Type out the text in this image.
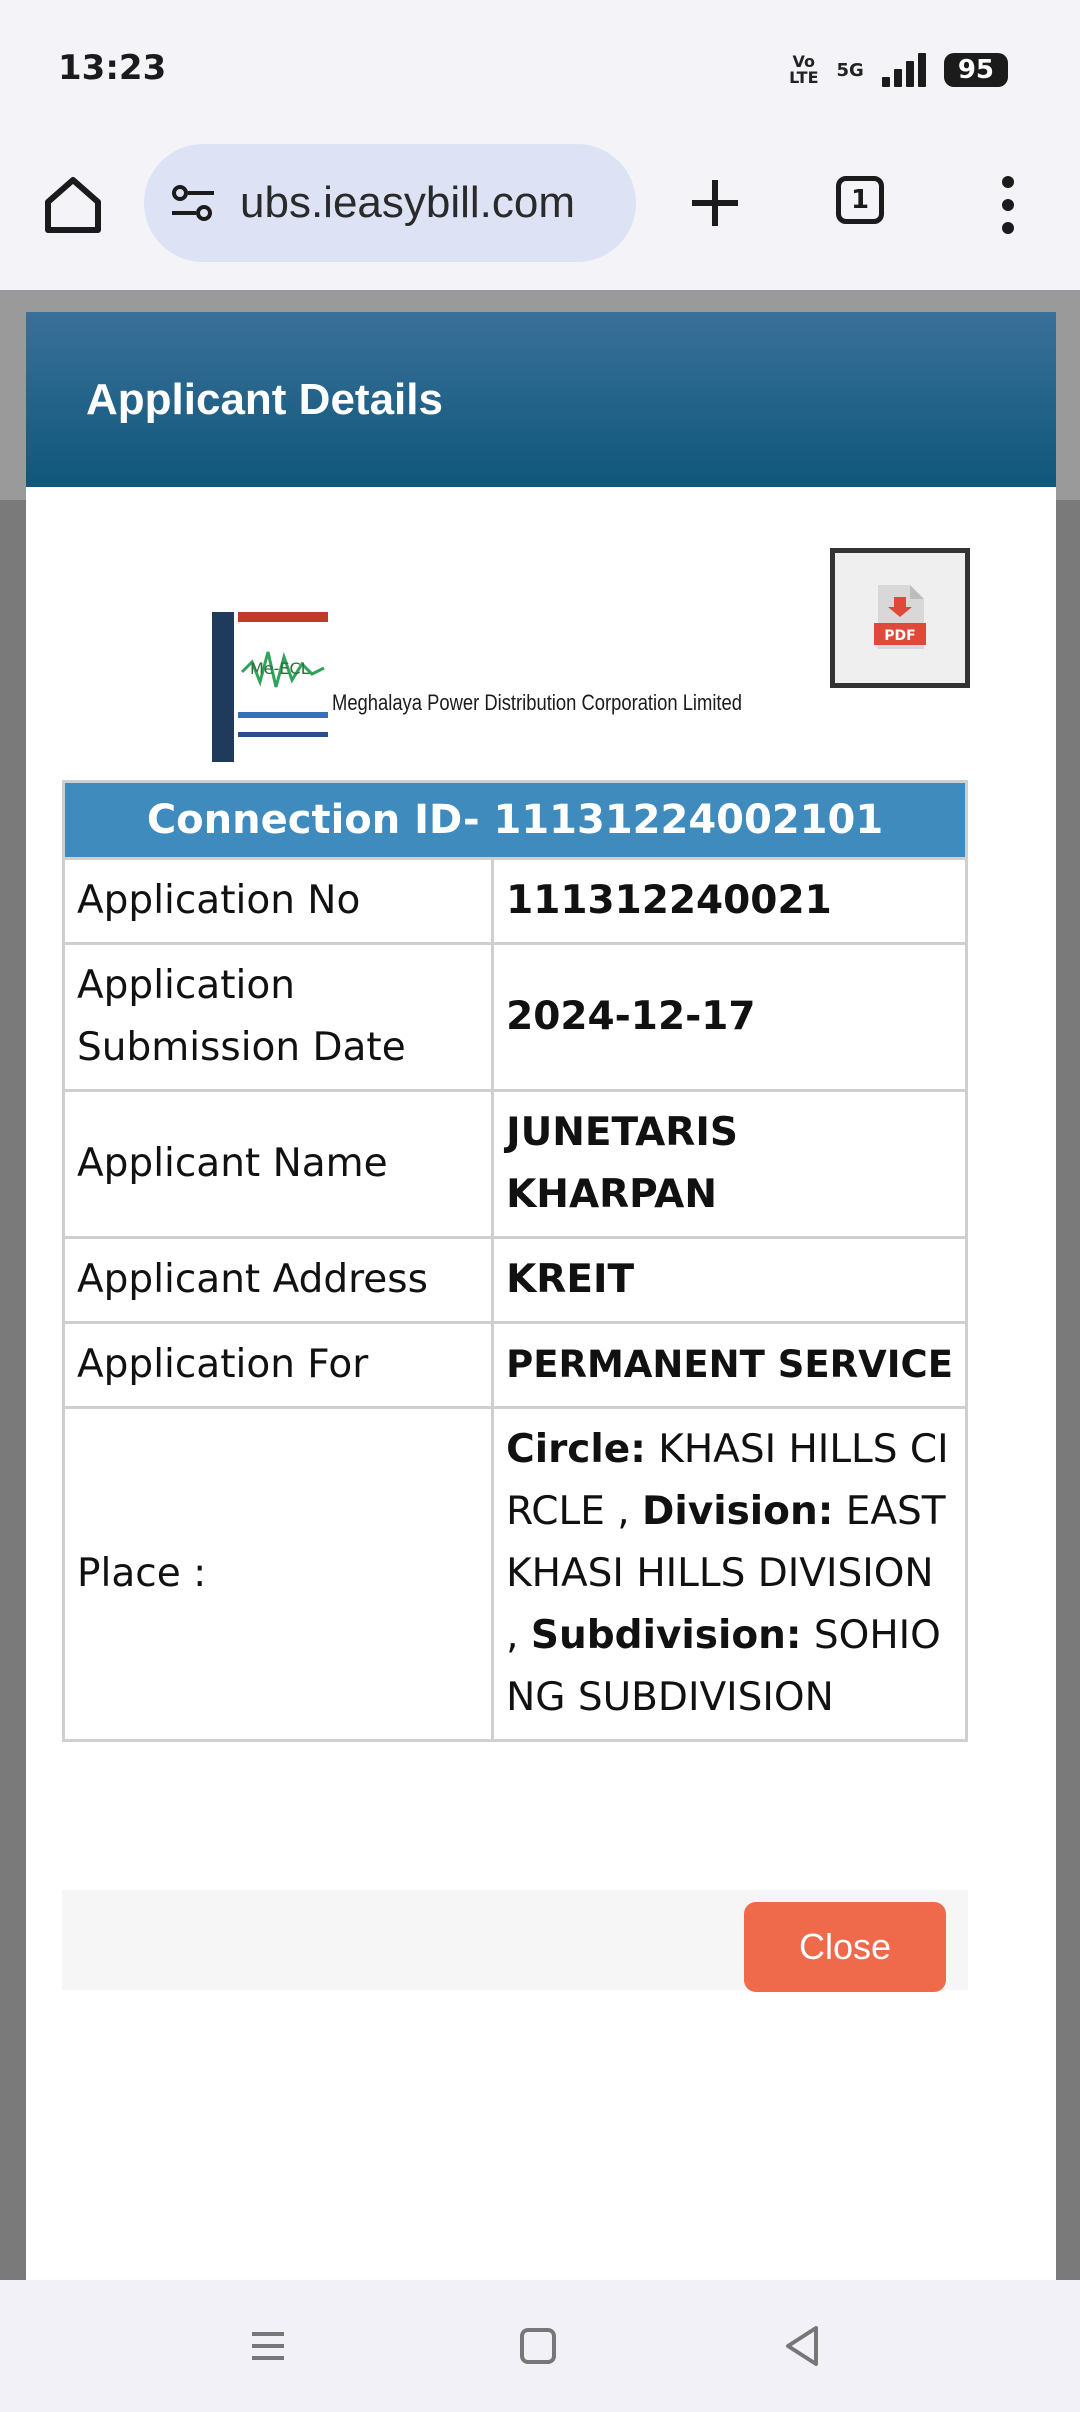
13:23	Vo
LTE 5G	95
ubs.ieasybill.com	1
Applicant Details
Me-ECL
Meghalaya Power Distribution Corporation Limited
PDF
Connection ID- 11131224002101	
Application No	111312240021
Application Submission Date	2024-12-17
Applicant Name	JUNETARIS KHARPAN
Applicant Address	KREIT
Application For	PERMANENT SERVICE
Place :	Circle: KHASI HILLS CIRCLE , Division: EAST KHASI HILLS DIVISION , Subdivision: SOHIONG SUBDIVISION
Close
